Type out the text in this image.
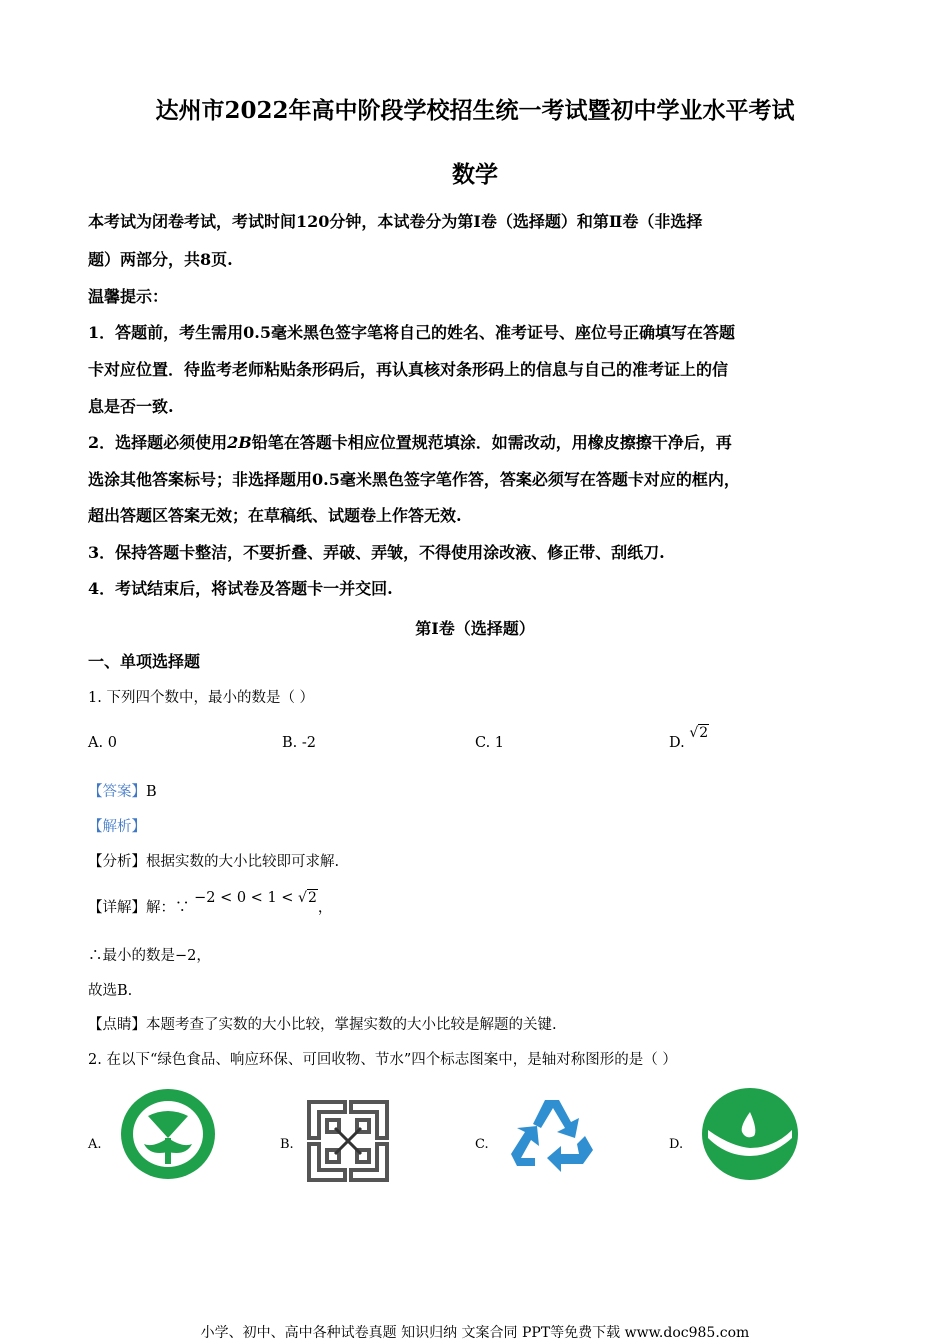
达州市2022年高中阶段学校招生统一考试暨初中学业水平考试
数学
本考试为闭卷考试，考试时间120分钟，本试卷分为第Ⅰ卷（选择题）和第Ⅱ卷（非选择
题）两部分，共8页.
温馨提示：
1．答题前，考生需用0.5毫米黑色签字笔将自己的姓名、准考证号、座位号正确填写在答题
卡对应位置．待监考老师粘贴条形码后，再认真核对条形码上的信息与自己的准考证上的信
息是否一致.
2．选择题必须使用2B铅笔在答题卡相应位置规范填涂．如需改动，用橡皮擦擦干净后，再
选涂其他答案标号；非选择题用0.5毫米黑色签字笔作答，答案必须写在答题卡对应的框内，
超出答题区答案无效；在草稿纸、试题卷上作答无效.
3．保持答题卡整洁，不要折叠、弄破、弄皱，不得使用涂改液、修正带、刮纸刀.
4．考试结束后，将试卷及答题卡一并交回.
第Ⅰ卷（选择题）
一、单项选择题
1. 下列四个数中，最小的数是（ ）
A. 0	B. -2	C. 1	D. √2
【答案】B
【解析】
【分析】根据实数的大小比较即可求解.
【详解】解：∵ −2 < 0 < 1 < √2，
∴最小的数是−2，
故选B.
【点睛】本题考查了实数的大小比较，掌握实数的大小比较是解题的关键.
2. 在以下“绿色食品、响应环保、可回收物、节水”四个标志图案中，是轴对称图形的是（ ）
A.	B.	C.	D.
小学、初中、高中各种试卷真题 知识归纳 文案合同 PPT等免费下载 www.doc985.com
